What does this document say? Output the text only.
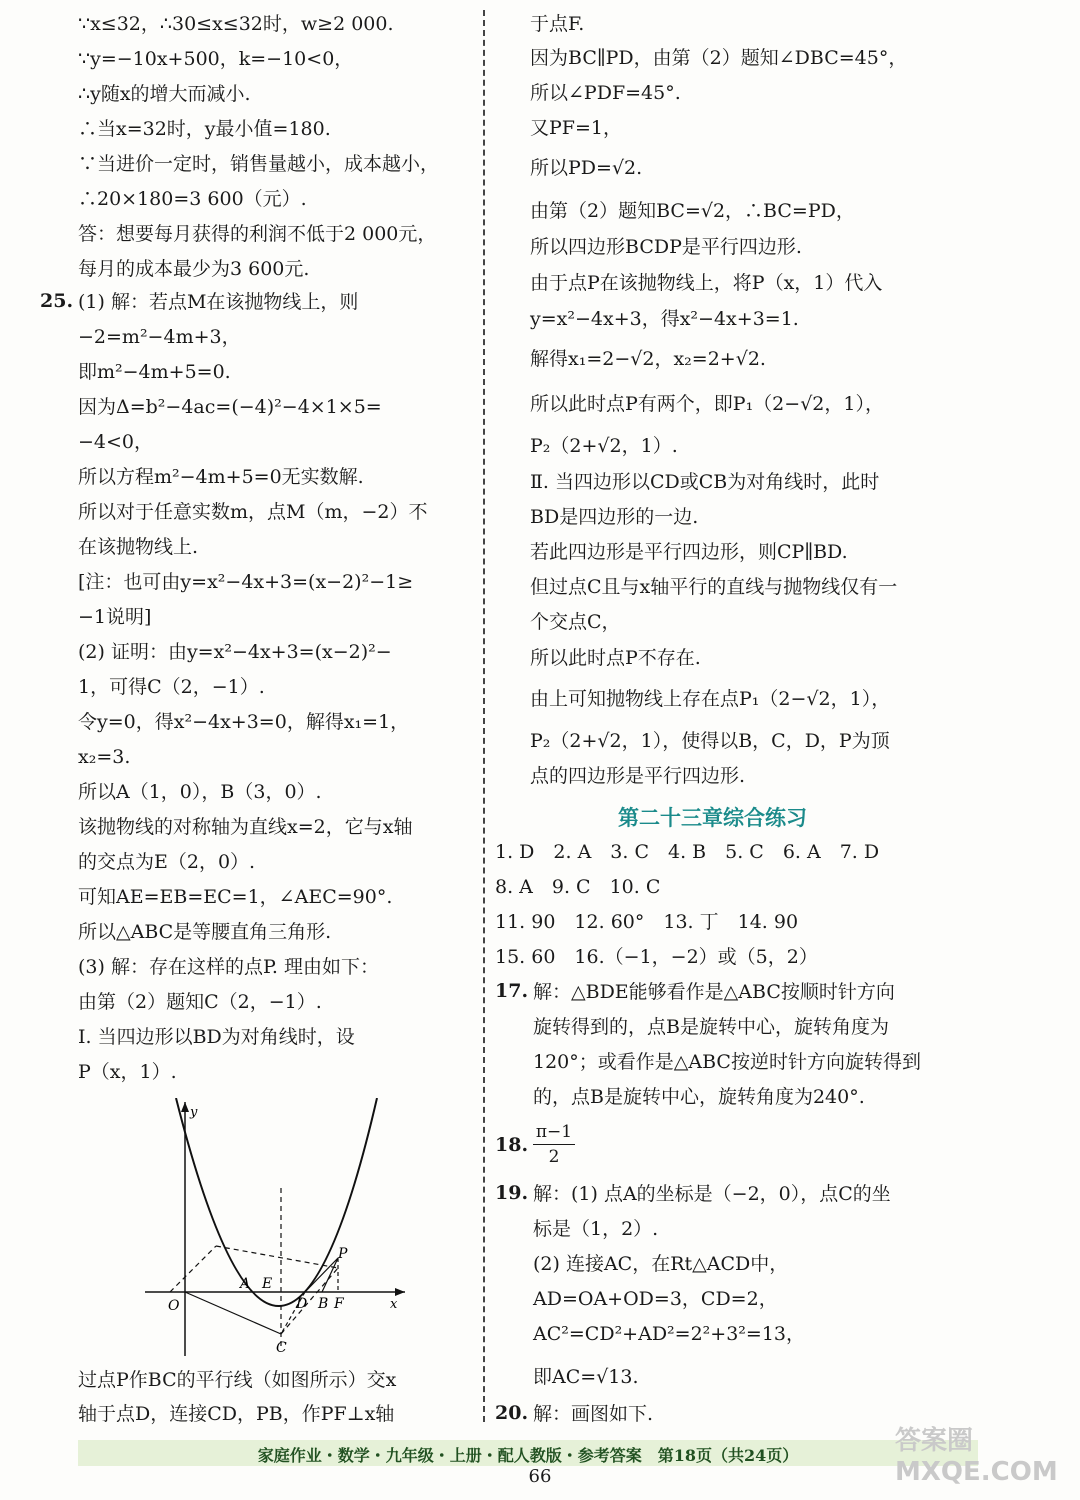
∵x≤32，∴30≤x≤32时，w≥2 000.
∵y=−10x+500，k=−10<0，
∴y随x的增大而减小.
∴当x=32时，y最小值=180.
∵当进价一定时，销售量越小，成本越小，
∴20×180=3 600（元）.
答：想要每月获得的利润不低于2 000元，
每月的成本最少为3 600元.
(1) 解：若点M在该抛物线上，则
−2=m²−4m+3，
即m²−4m+5=0.
因为Δ=b²−4ac=(−4)²−4×1×5=
−4<0，
所以方程m²−4m+5=0无实数解.
所以对于任意实数m，点M（m，−2）不
在该抛物线上.
[注：也可由y=x²−4x+3=(x−2)²−1≥
−1说明]
(2) 证明：由y=x²−4x+3=(x−2)²−
1，可得C（2，−1）.
令y=0，得x²−4x+3=0，解得x₁=1，
x₂=3.
所以A（1，0），B（3，0）.
该抛物线的对称轴为直线x=2，它与x轴
的交点为E（2，0）.
可知AE=EB=EC=1，∠AEC=90°.
所以△ABC是等腰直角三角形.
(3) 解：存在这样的点P. 理由如下：
由第（2）题知C（2，−1）.
Ⅰ. 当四边形以BD为对角线时，设
P（x，1）.
过点P作BC的平行线（如图所示）交x
轴于点D，连接CD，PB，作PF⊥x轴
25.
于点F.
因为BC∥PD，由第（2）题知∠DBC=45°，
所以∠PDF=45°.
又PF=1，
所以PD=√2.
由第（2）题知BC=√2，∴BC=PD，
所以四边形BCDP是平行四边形.
由于点P在该抛物线上，将P（x，1）代入
y=x²−4x+3，得x²−4x+3=1.
解得x₁=2−√2，x₂=2+√2.
所以此时点P有两个，即P₁（2−√2，1），
P₂（2+√2，1）.
Ⅱ. 当四边形以CD或CB为对角线时，此时
BD是四边形的一边.
若此四边形是平行四边形，则CP∥BD.
但过点C且与x轴平行的直线与抛物线仅有一
个交点C，
所以此时点P不存在.
由上可知抛物线上存在点P₁（2−√2，1），
P₂（2+√2，1），使得以B，C，D，P为顶
点的四边形是平行四边形.
第二十三章综合练习
1. D　2. A　3. C　4. B　5. C　6. A　7. D
8. A　9. C　10. C
11. 90　12. 60°　13. 丁　14. 90
15. 60　16.（−1，−2）或（5，2）
17. 解：△BDE能够看作是△ABC按顺时针方向
旋转得到的，点B是旋转中心，旋转角度为
120°；或看作是△ABC按逆时针方向旋转得到
的，点B是旋转中心，旋转角度为240°.
18.
π−1
2
19. 解：(1) 点A的坐标是（−2，0），点C的坐
标是（1，2）.
(2) 连接AC，在Rt△ACD中，
AD=OA+OD=3，CD=2，
AC²=CD²+AD²=2²+3²=13，
即AC=√13.
20. 解：画图如下.
y
x
O
A E
D B F
P
C
家庭作业・数学・九年级・上册・配人教版・参考答案　第18页（共24页）
66
答案圈 MXQE.COM
